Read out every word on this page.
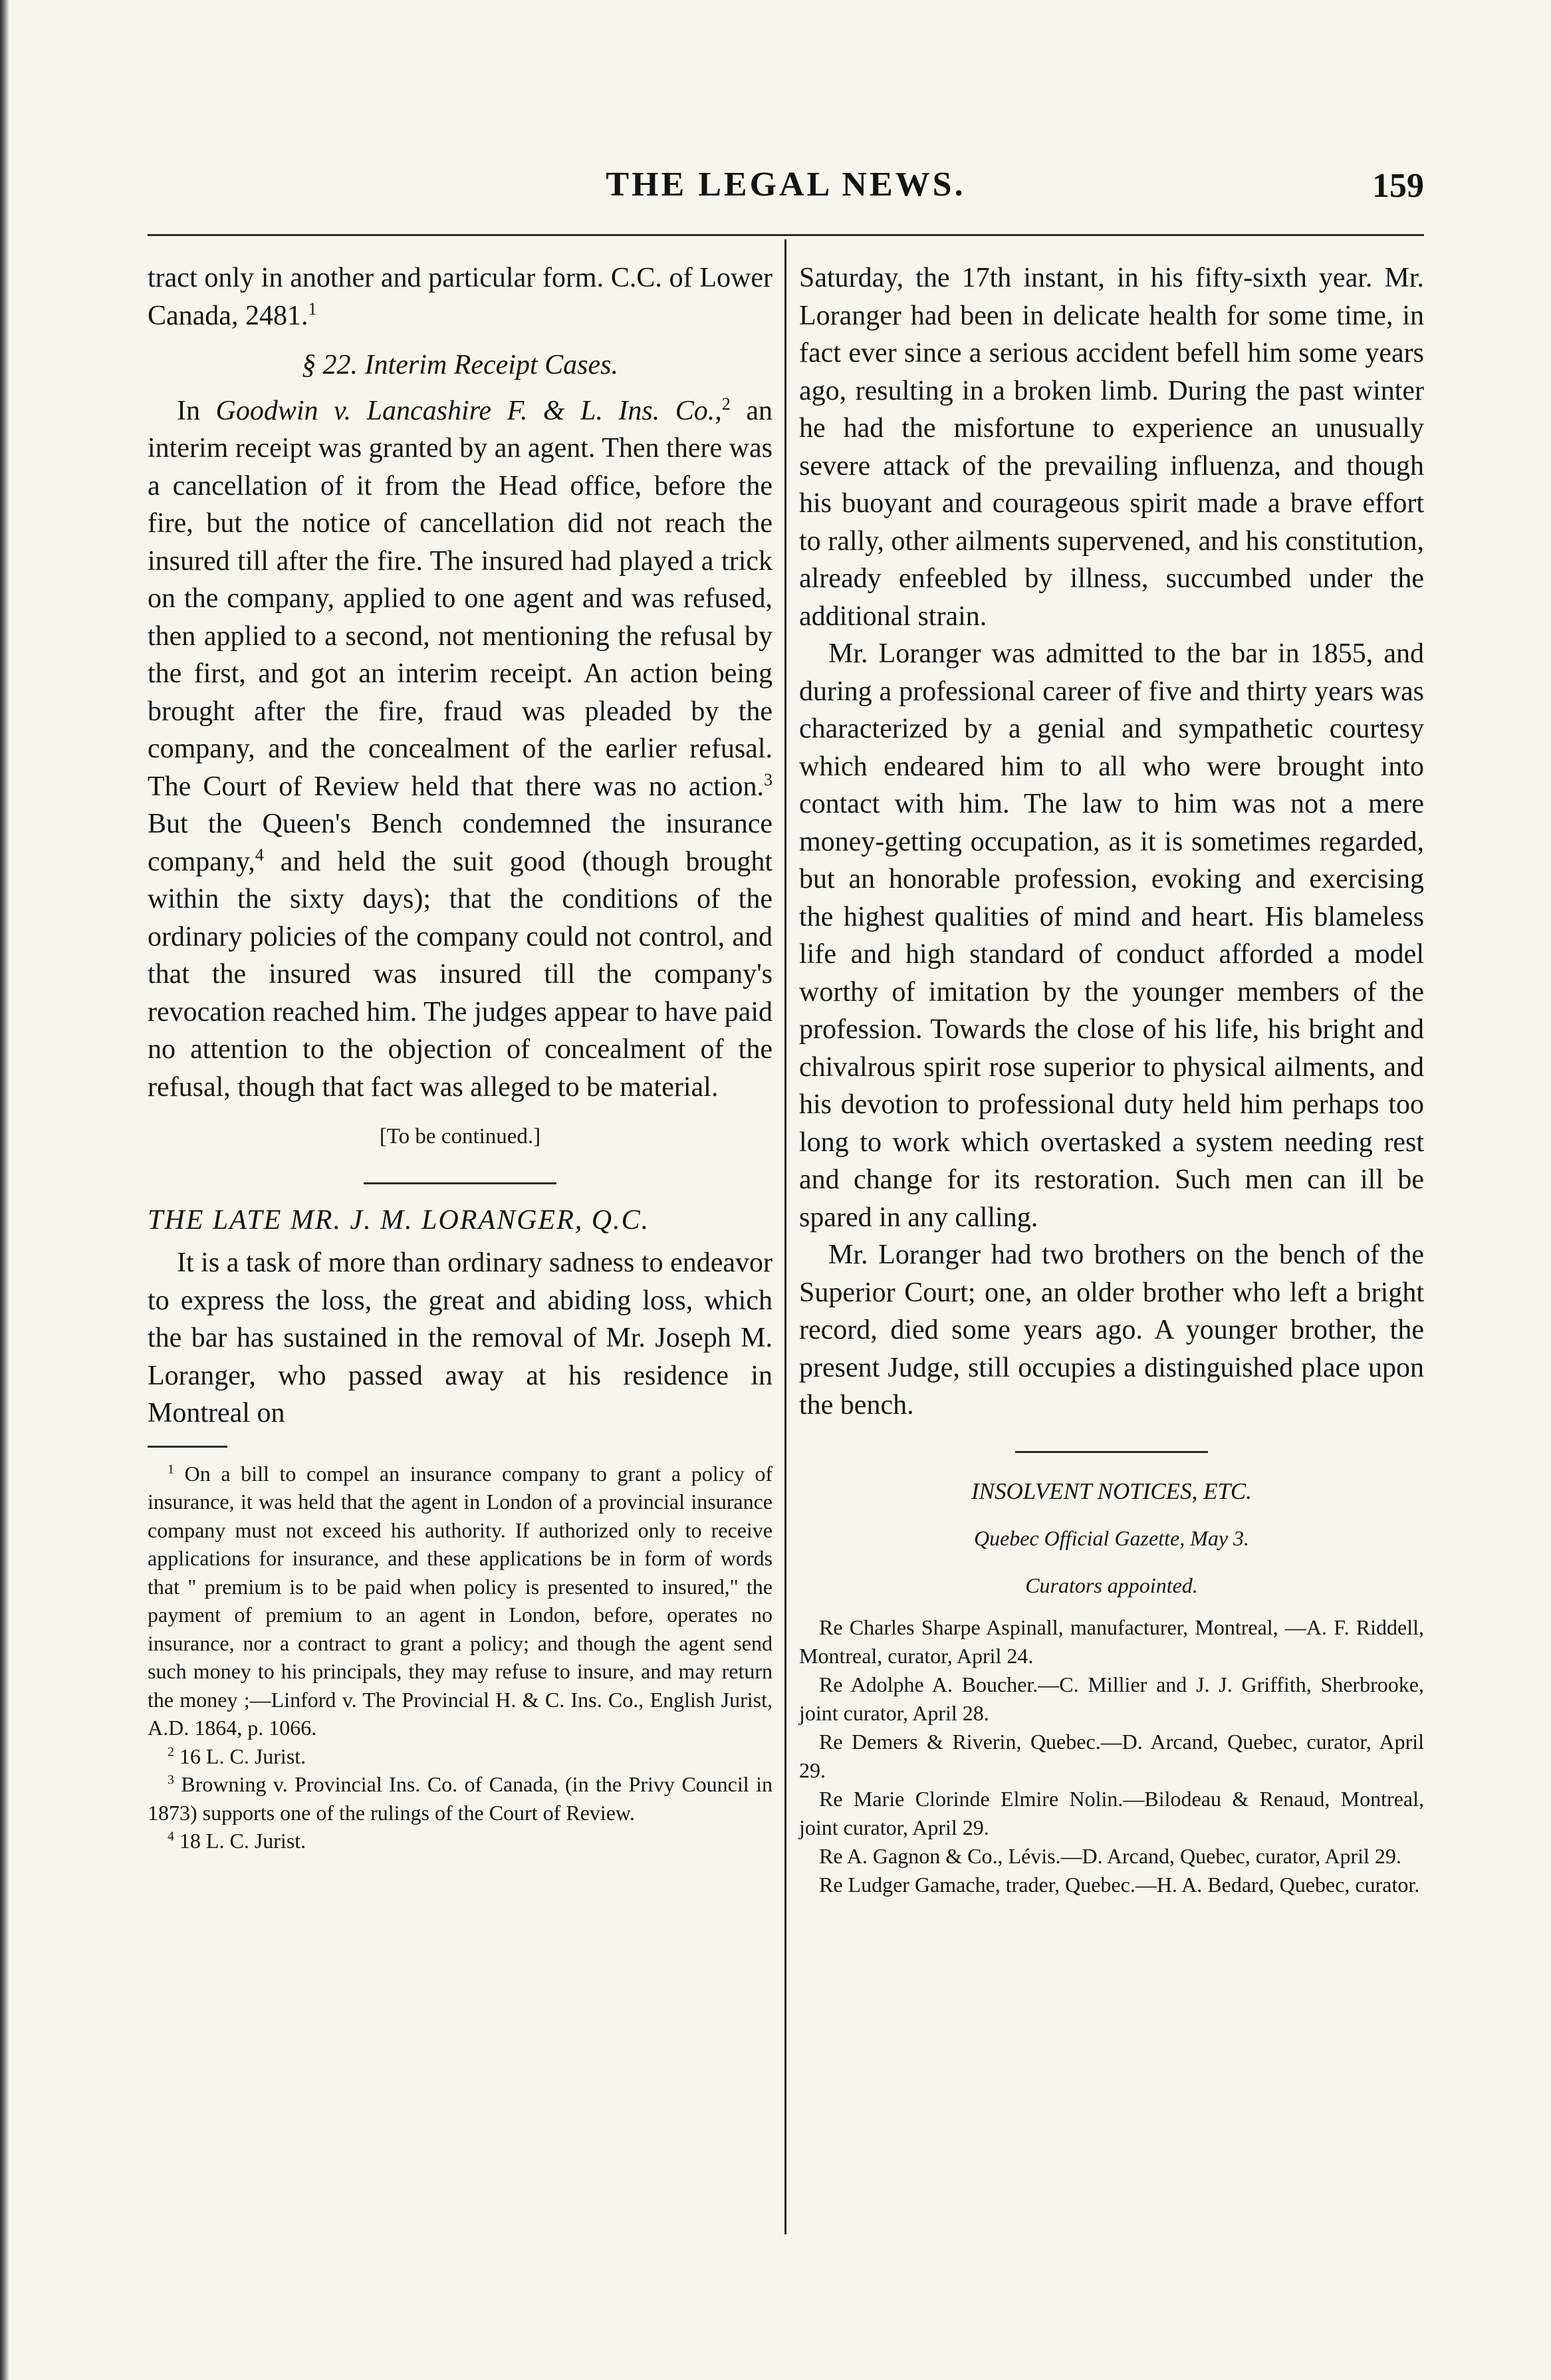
THE LEGAL NEWS.	159

tract only in another and particular form. C.C. of Lower Canada, 2481.$^1$

§ 22. Interim Receipt Cases.

In Goodwin v. Lancashire F. & L. Ins. Co.,$^2$ an interim receipt was granted by an agent. Then there was a cancellation of it from the Head office, before the fire, but the notice of cancellation did not reach the insured till after the fire. The insured had played a trick on the company, applied to one agent and was refused, then applied to a second, not mentioning the refusal by the first, and got an interim receipt. An action being brought after the fire, fraud was pleaded by the company, and the concealment of the earlier refusal. The Court of Review held that there was no action.$^3$ But the Queen's Bench condemned the insurance company,$^4$ and held the suit good (though brought within the sixty days); that the conditions of the ordinary policies of the company could not control, and that the insured was insured till the company's revocation reached him. The judges appear to have paid no attention to the objection of concealment of the refusal, though that fact was alleged to be material.

[To be continued.]

THE LATE MR. J. M. LORANGER, Q.C.

It is a task of more than ordinary sadness to endeavor to express the loss, the great and abiding loss, which the bar has sustained in the removal of Mr. Joseph M. Loranger, who passed away at his residence in Montreal on

$^1$ On a bill to compel an insurance company to grant a policy of insurance, it was held that the agent in London of a provincial insurance company must not exceed his authority. If authorized only to receive applications for insurance, and these applications be in form of words that " premium is to be paid when policy is presented to insured," the payment of premium to an agent in London, before, operates no insurance, nor a contract to grant a policy; and though the agent send such money to his principals, they may refuse to insure, and may return the money ;—Linford v. The Provincial H. & C. Ins. Co., English Jurist, A.D. 1864, p. 1066.

$^2$ 16 L. C. Jurist.

$^3$ Browning v. Provincial Ins. Co. of Canada, (in the Privy Council in 1873) supports one of the rulings of the Court of Review.

$^4$ 18 L. C. Jurist.

Saturday, the 17th instant, in his fifty-sixth year. Mr. Loranger had been in delicate health for some time, in fact ever since a serious accident befell him some years ago, resulting in a broken limb. During the past winter he had the misfortune to experience an unusually severe attack of the prevailing influenza, and though his buoyant and courageous spirit made a brave effort to rally, other ailments supervened, and his constitution, already enfeebled by illness, succumbed under the additional strain.

Mr. Loranger was admitted to the bar in 1855, and during a professional career of five and thirty years was characterized by a genial and sympathetic courtesy which endeared him to all who were brought into contact with him. The law to him was not a mere money-getting occupation, as it is sometimes regarded, but an honorable profession, evoking and exercising the highest qualities of mind and heart. His blameless life and high standard of conduct afforded a model worthy of imitation by the younger members of the profession. Towards the close of his life, his bright and chivalrous spirit rose superior to physical ailments, and his devotion to professional duty held him perhaps too long to work which overtasked a system needing rest and change for its restoration. Such men can ill be spared in any calling.

Mr. Loranger had two brothers on the bench of the Superior Court; one, an older brother who left a bright record, died some years ago. A younger brother, the present Judge, still occupies a distinguished place upon the bench.

INSOLVENT NOTICES, ETC.

Quebec Official Gazette, May 3.

Curators appointed.

Re Charles Sharpe Aspinall, manufacturer, Montreal, —A. F. Riddell, Montreal, curator, April 24.

Re Adolphe A. Boucher.—C. Millier and J. J. Griffith, Sherbrooke, joint curator, April 28.

Re Demers & Riverin, Quebec.—D. Arcand, Quebec, curator, April 29.

Re Marie Clorinde Elmire Nolin.—Bilodeau & Renaud, Montreal, joint curator, April 29.

Re A. Gagnon & Co., Lévis.—D. Arcand, Quebec, curator, April 29.

Re Ludger Gamache, trader, Quebec.—H. A. Bedard, Quebec, curator.
